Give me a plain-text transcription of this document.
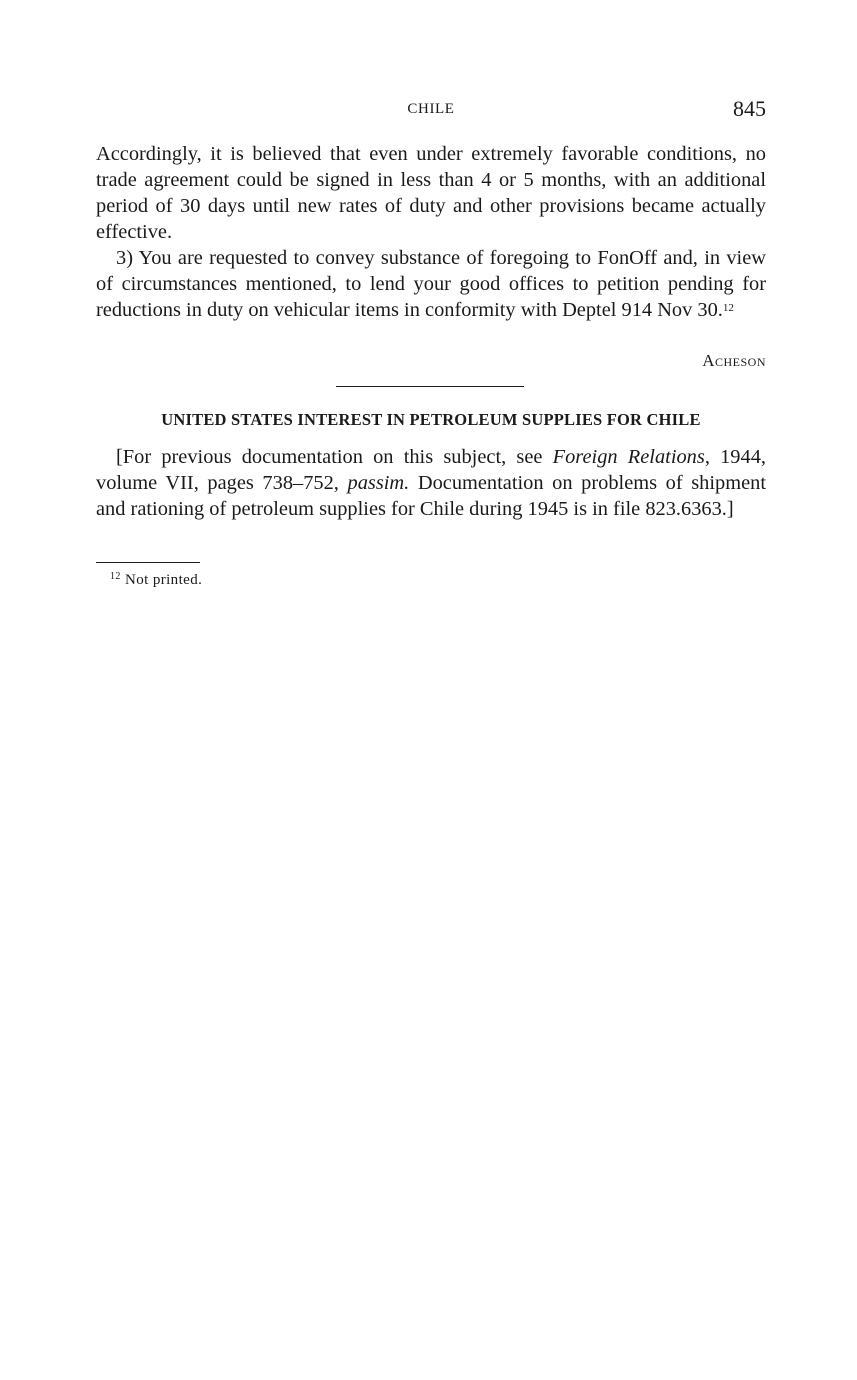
CHILE	845

Accordingly, it is believed that even under extremely favorable conditions, no trade agreement could be signed in less than 4 or 5 months, with an additional period of 30 days until new rates of duty and other provisions became actually effective.

3) You are requested to convey substance of foregoing to FonOff and, in view of circumstances mentioned, to lend your good offices to petition pending for reductions in duty on vehicular items in conformity with Deptel 914 Nov 30.12

Acheson
UNITED STATES INTEREST IN PETROLEUM SUPPLIES FOR CHILE

[For previous documentation on this subject, see Foreign Relations, 1944, volume VII, pages 738–752, passim. Documentation on problems of shipment and rationing of petroleum supplies for Chile during 1945 is in file 823.6363.]

$^{12}$ Not printed.
